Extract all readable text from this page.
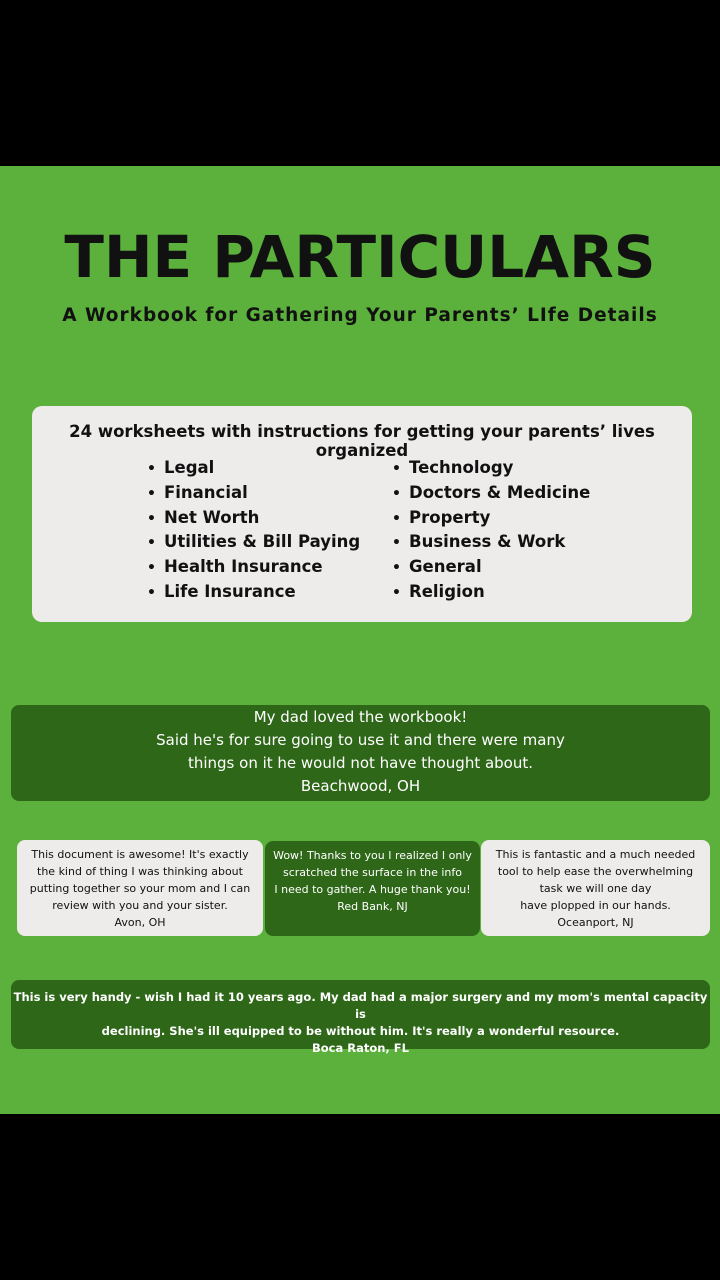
THE PARTICULARS
A Workbook for Gathering Your Parents’ LIfe Details
24 worksheets with instructions for getting your parents’ lives organized
• Legal
• Financial
• Net Worth
• Utilities & Bill Paying
• Health Insurance
• Life Insurance
• Technology
• Doctors & Medicine
• Property
• Business & Work
• General
• Religion
My dad loved the workbook!
Said he's for sure going to use it and there were many
things on it he would not have thought about.
Beachwood, OH
This document is awesome! It's exactly
the kind of thing I was thinking about
putting together so your mom and I can
review with you and your sister.
Avon, OH
Wow! Thanks to you I realized I only
scratched the surface in the info
I need to gather. A huge thank you!
Red Bank, NJ
This is fantastic and a much needed
tool to help ease the overwhelming
task we will one day
have plopped in our hands.
Oceanport, NJ
This is very handy - wish I had it 10 years ago. My dad had a major surgery and my mom's mental capacity is
declining. She's ill equipped to be without him. It's really a wonderful resource.
Boca Raton, FL
